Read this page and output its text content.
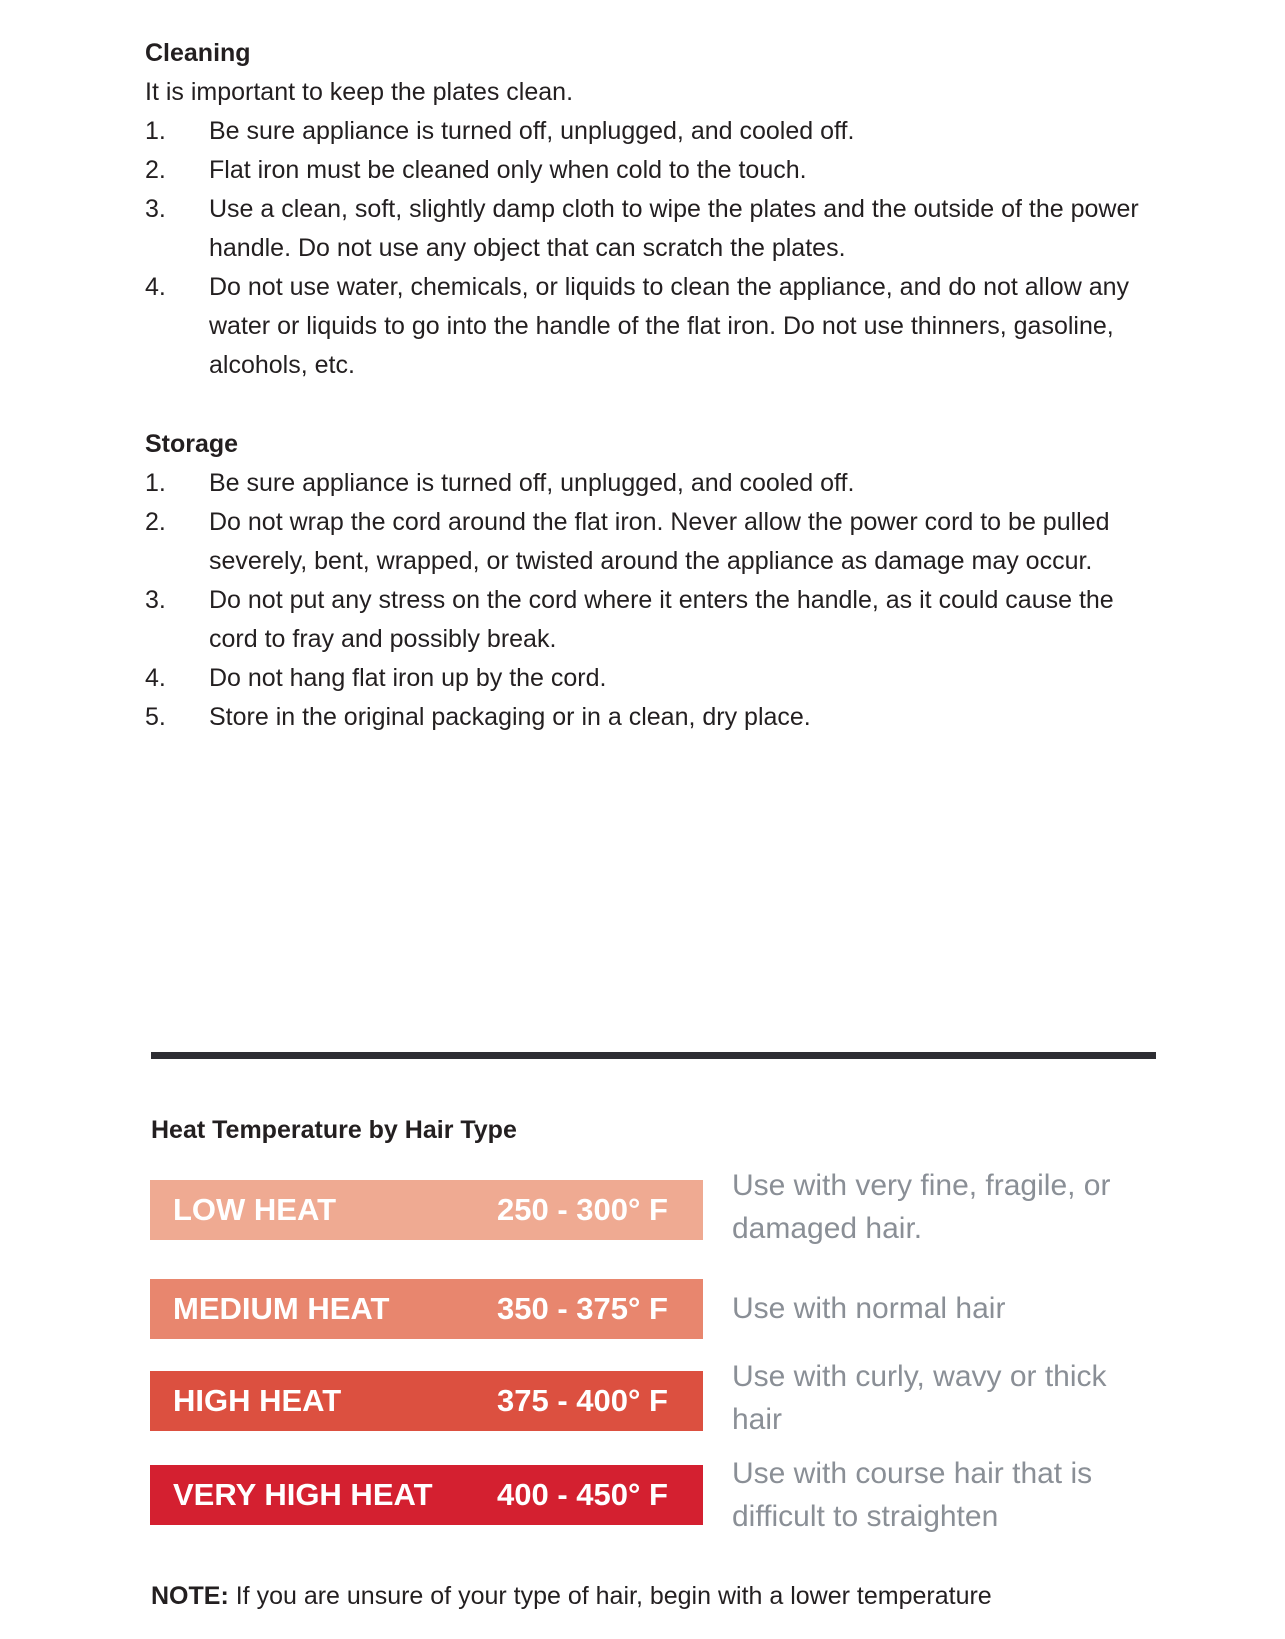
Cleaning

It is important to keep the plates clean.

1. Be sure appliance is turned off, unplugged, and cooled off.
2. Flat iron must be cleaned only when cold to the touch.
3. Use a clean, soft, slightly damp cloth to wipe the plates and the outside of the power handle. Do not use any object that can scratch the plates.
4. Do not use water, chemicals, or liquids to clean the appliance, and do not allow any water or liquids to go into the handle of the flat iron. Do not use thinners, gasoline, alcohols, etc.
Storage
1. Be sure appliance is turned off, unplugged, and cooled off.
2. Do not wrap the cord around the flat iron. Never allow the power cord to be pulled severely, bent, wrapped, or twisted around the appliance as damage may occur.
3. Do not put any stress on the cord where it enters the handle, as it could cause the cord to fray and possibly break.
4. Do not hang flat iron up by the cord.
5. Store in the original packaging or in a clean, dry place.
Heat Temperature by Hair Type
LOW HEAT	250 - 300° F
Use with very fine, fragile, or damaged hair.
MEDIUM HEAT	350 - 375° F Use with normal hair
HIGH HEAT	375 - 400° F
Use with curly, wavy or thick hair
VERY HIGH HEAT 400 - 450° F
Use with course hair that is difficult to straighten

NOTE: If you are unsure of your type of hair, begin with a lower temperature
